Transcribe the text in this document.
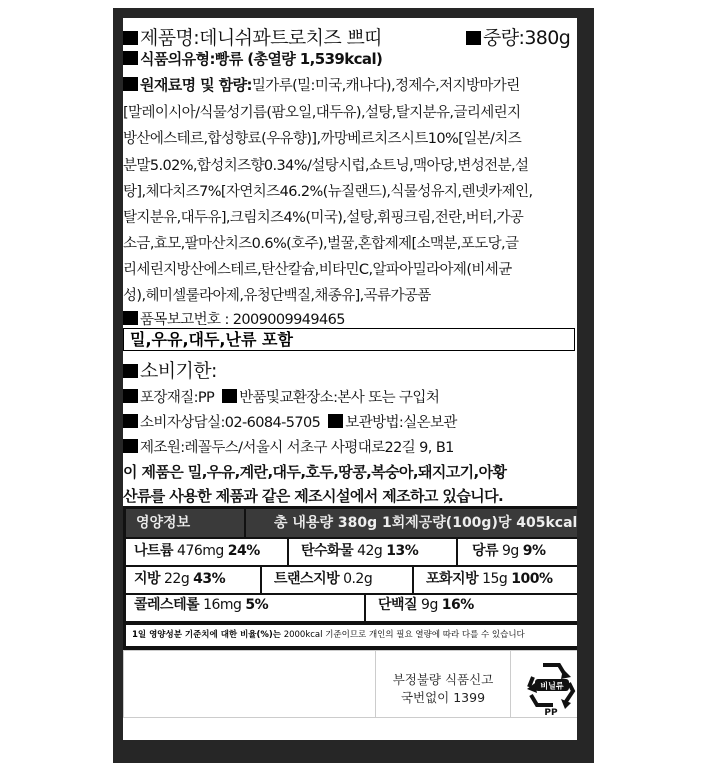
제품명:데니쉬꽈트로치즈 쁘띠	중량:380g
식품의유형:빵류 (총열량 1,539kcal)
원재료명 및 함량:밀가루(밀:미국,캐나다),정제수,저지방마가린
[말레이시아/식물성기름(팜오일,대두유),설탕,탈지분유,글리세린지
방산에스테르,합성향료(우유향)],까망베르치즈시트10%[일본/치즈
분말5.02%,합성치즈향0.34%/설탕시럽,쇼트닝,맥아당,변성전분,설
탕],체다치즈7%[자연치즈46.2%(뉴질랜드),식물성유지,렌넷카제인,
탈지분유,대두유],크림치즈4%(미국),설탕,휘핑크림,전란,버터,가공
소금,효모,팔마산치즈0.6%(호주),벌꿀,혼합제제[소맥분,포도당,글
리세린지방산에스테르,탄산칼슘,비타민C,알파아밀라아제(비세균
성),헤미셀룰라아제,유청단백질,채종유],곡류가공품
품목보고번호 : 2009009949465
밀,우유,대두,난류 포함
소비기한:
포장재질:PP 반품및교환장소:본사 또는 구입처
소비자상담실:02-6084-5705 보관방법:실온보관
제조원:레꼴두스/서울시 서초구 사평대로22길 9, B1
이 제품은 밀,우유,계란,대두,호두,땅콩,복숭아,돼지고기,아황
산류를 사용한 제품과 같은 제조시설에서 제조하고 있습니다.
영양정보	총 내용량 380g 1회제공량(100g)당 405kcal
나트륨 476mg 24%	탄수화물 42g 13%	당류 9g 9%
지방 22g 43%	트랜스지방 0.2g	포화지방 15g 100%
콜레스테롤 16mg 5%	단백질 9g 16%
1일 영양성분 기준치에 대한 비율(%)는 2000kcal 기준이므로 개인의 필요 열량에 따라 다를 수 있습니다
부정불량 식품신고
국번없이 1399
비닐류
PP
